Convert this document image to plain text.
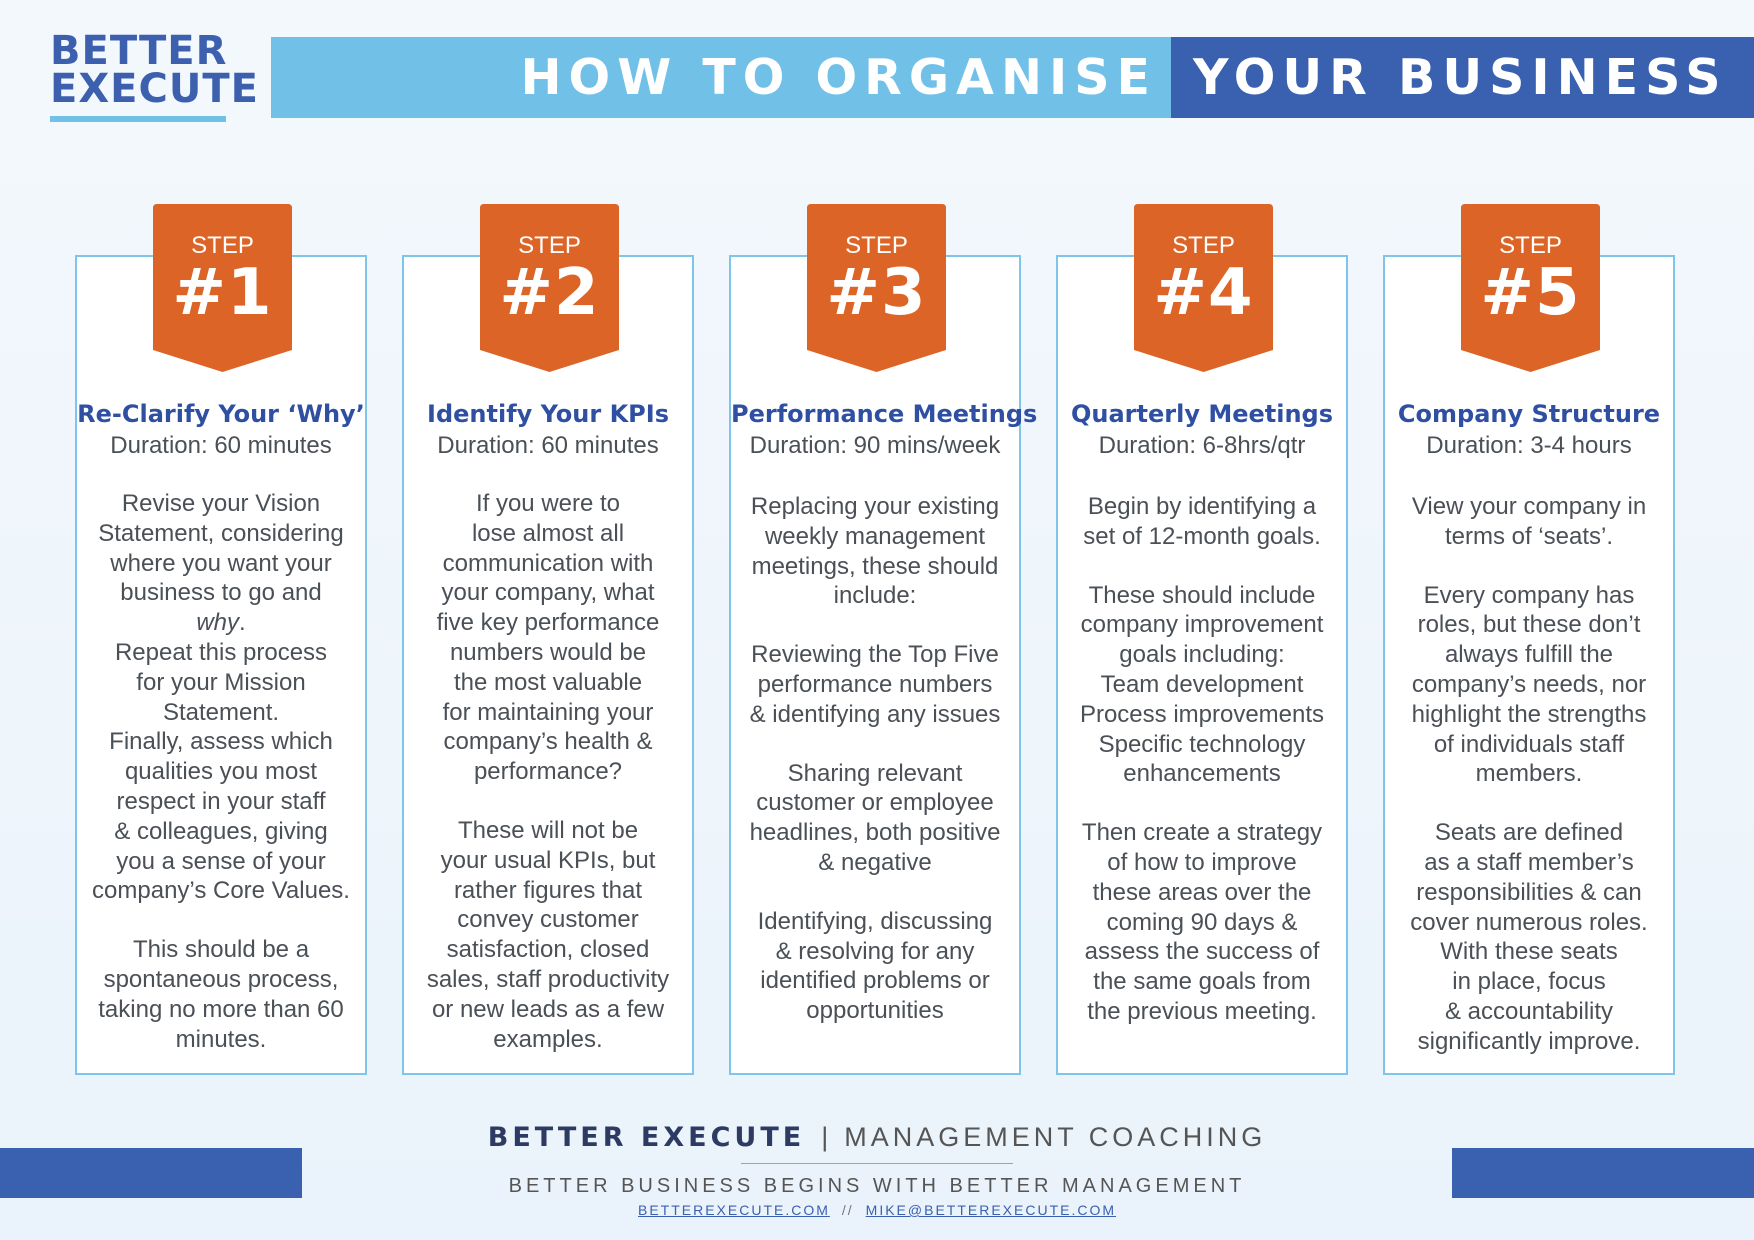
BETTER
EXECUTE	HOW TO ORGANISE YOUR BUSINESS
Re-Clarify Your ‘Why’
Duration: 60 minutes

Revise your Vision
Statement, considering
where you want your
business to go and
why.

Repeat this process
for your Mission
Statement.
Finally, assess which
qualities you most
respect in your staff
& colleagues, giving
you a sense of your
company’s Core Values.

This should be a
spontaneous process,
taking no more than 60
minutes.

Identify Your KPIs
Duration: 60 minutes

If you were to
lose almost all
communication with
your company, what
five key performance
numbers would be
the most valuable
for maintaining your
company’s health &
performance?

These will not be
your usual KPIs, but
rather figures that
convey customer
satisfaction, closed
sales, staff productivity
or new leads as a few
examples.

Performance Meetings
Duration: 90 mins/week

Replacing your existing
weekly management
meetings, these should
include:

Reviewing the Top Five
performance numbers
& identifying any issues

Sharing relevant
customer or employee
headlines, both positive
& negative

Identifying, discussing
& resolving for any
identified problems or
opportunities

Quarterly Meetings
Duration: 6-8hrs/qtr

Begin by identifying a
set of 12-month goals.

These should include
company improvement
goals including:
Team development
Process improvements
Specific technology
enhancements

Then create a strategy
of how to improve
these areas over the
coming 90 days &
assess the success of
the same goals from
the previous meeting.

Company Structure
Duration: 3-4 hours

View your company in
terms of ‘seats’.

Every company has
roles, but these don’t
always fulfill the
company’s needs, nor
highlight the strengths
of individuals staff
members.

Seats are defined
as a staff member’s
responsibilities & can
cover numerous roles.
With these seats
in place, focus
& accountability
significantly improve.

STEP
#1
STEP
#2
STEP
#3
STEP
#4
STEP
#5
BETTER EXECUTE | MANAGEMENT COACHING
BETTER BUSINESS BEGINS WITH BETTER MANAGEMENT
BETTEREXECUTE.COM // MIKE@BETTEREXECUTE.COM
